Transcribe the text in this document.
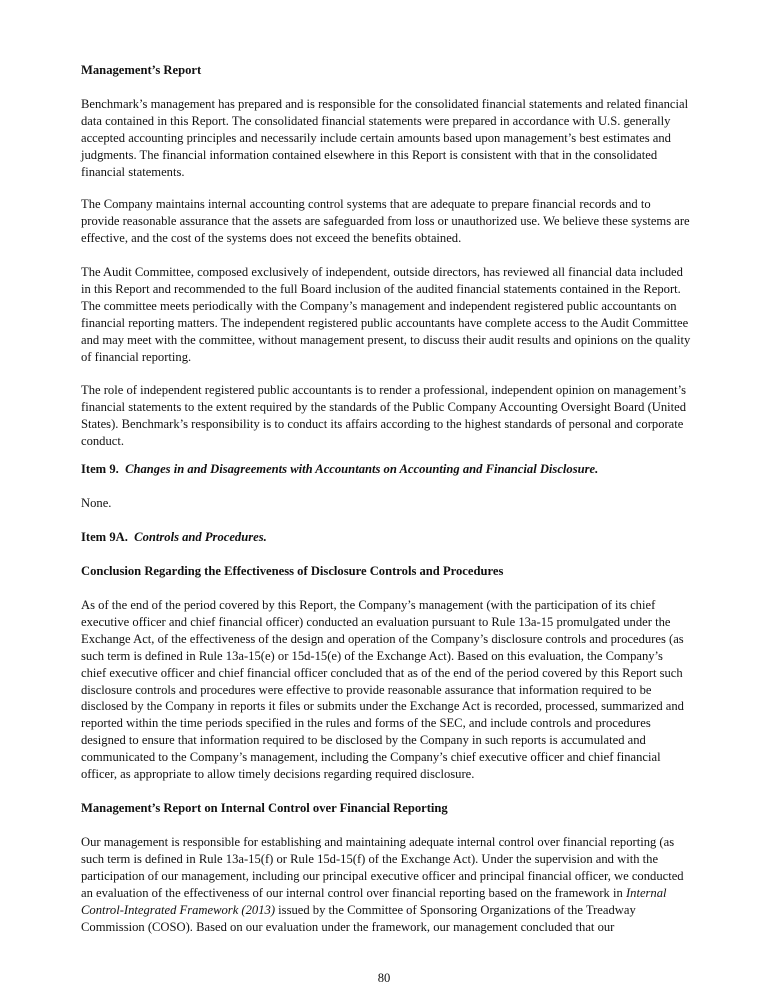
Management’s Report

Benchmark’s management has prepared and is responsible for the consolidated financial statements and related financial data contained in this Report. The consolidated financial statements were prepared in accordance with U.S. generally accepted accounting principles and necessarily include certain amounts based upon management’s best estimates and judgments. The financial information contained elsewhere in this Report is consistent with that in the consolidated financial statements.

The Company maintains internal accounting control systems that are adequate to prepare financial records and to provide reasonable assurance that the assets are safeguarded from loss or unauthorized use. We believe these systems are effective, and the cost of the systems does not exceed the benefits obtained.

The Audit Committee, composed exclusively of independent, outside directors, has reviewed all financial data included in this Report and recommended to the full Board inclusion of the audited financial statements contained in the Report. The committee meets periodically with the Company’s management and independent registered public accountants on financial reporting matters. The independent registered public accountants have complete access to the Audit Committee and may meet with the committee, without management present, to discuss their audit results and opinions on the quality of financial reporting.

The role of independent registered public accountants is to render a professional, independent opinion on management’s financial statements to the extent required by the standards of the Public Company Accounting Oversight Board (United States). Benchmark’s responsibility is to conduct its affairs according to the highest standards of personal and corporate conduct.

Item 9. Changes in and Disagreements with Accountants on Accounting and Financial Disclosure.

None.

Item 9A. Controls and Procedures.

Conclusion Regarding the Effectiveness of Disclosure Controls and Procedures

As of the end of the period covered by this Report, the Company’s management (with the participation of its chief executive officer and chief financial officer) conducted an evaluation pursuant to Rule 13a-15 promulgated under the Exchange Act, of the effectiveness of the design and operation of the Company’s disclosure controls and procedures (as such term is defined in Rule 13a-15(e) or 15d-15(e) of the Exchange Act). Based on this evaluation, the Company’s chief executive officer and chief financial officer concluded that as of the end of the period covered by this Report such disclosure controls and procedures were effective to provide reasonable assurance that information required to be disclosed by the Company in reports it files or submits under the Exchange Act is recorded, processed, summarized and reported within the time periods specified in the rules and forms of the SEC, and include controls and procedures designed to ensure that information required to be disclosed by the Company in such reports is accumulated and communicated to the Company’s management, including the Company’s chief executive officer and chief financial officer, as appropriate to allow timely decisions regarding required disclosure.

Management’s Report on Internal Control over Financial Reporting

Our management is responsible for establishing and maintaining adequate internal control over financial reporting (as such term is defined in Rule 13a-15(f) or Rule 15d-15(f) of the Exchange Act). Under the supervision and with the participation of our management, including our principal executive officer and principal financial officer, we conducted an evaluation of the effectiveness of our internal control over financial reporting based on the framework in Internal Control-Integrated Framework (2013) issued by the Committee of Sponsoring Organizations of the Treadway Commission (COSO). Based on our evaluation under the framework, our management concluded that our

80
